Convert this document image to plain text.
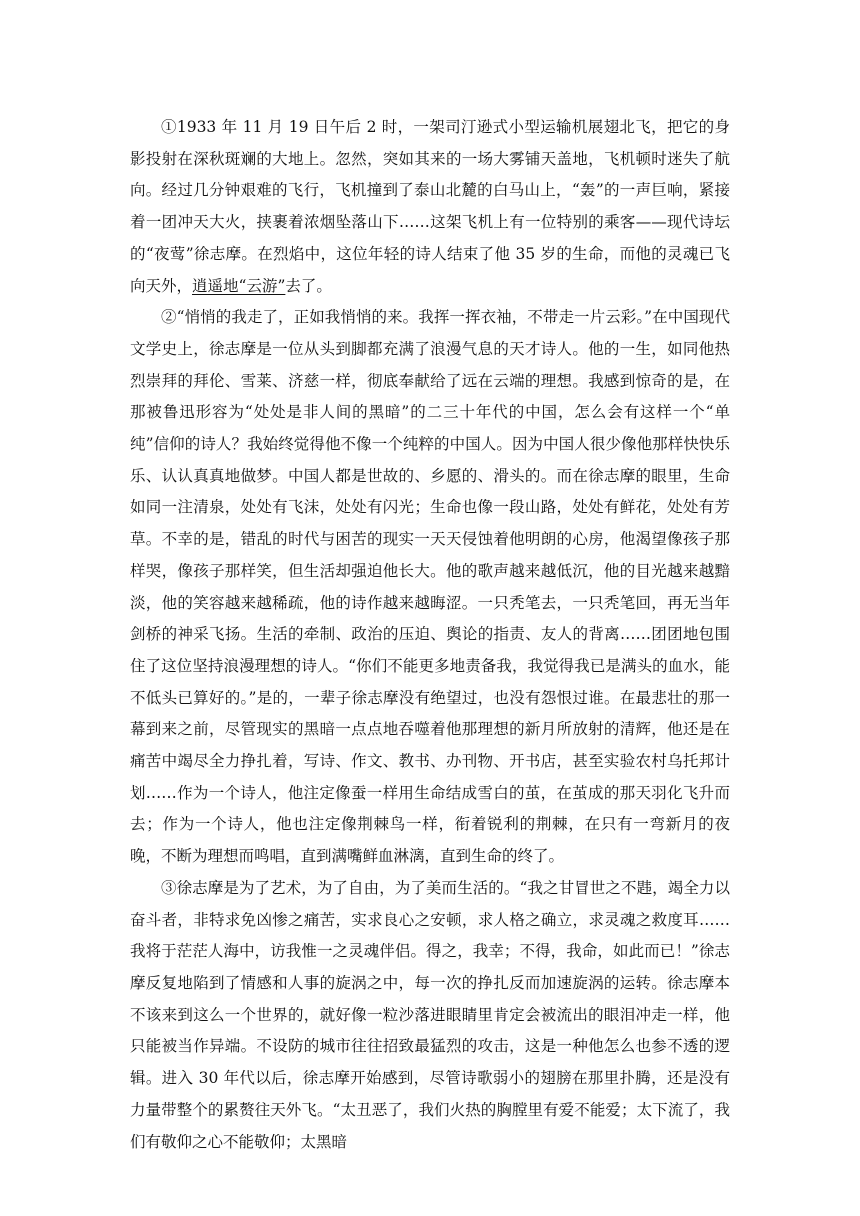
①1933 年 11 月 19 日午后 2 时，一架司汀逊式小型运输机展翅北飞，把它的身影投射在深秋斑斓的大地上。忽然，突如其来的一场大雾铺天盖地，飞机顿时迷失了航向。经过几分钟艰难的飞行，飞机撞到了泰山北麓的白马山上，“轰”的一声巨响，紧接着一团冲天大火，挟裹着浓烟坠落山下……这架飞机上有一位特别的乘客——现代诗坛的“夜莺”徐志摩。在烈焰中，这位年轻的诗人结束了他 35 岁的生命，而他的灵魂已飞向天外，逍遥地“云游”去了。

②“悄悄的我走了，正如我悄悄的来。我挥一挥衣袖，不带走一片云彩。”在中国现代文学史上，徐志摩是一位从头到脚都充满了浪漫气息的天才诗人。他的一生，如同他热烈崇拜的拜伦、雪莱、济慈一样，彻底奉献给了远在云端的理想。我感到惊奇的是，在那被鲁迅形容为“处处是非人间的黑暗”的二三十年代的中国，怎么会有这样一个“单纯”信仰的诗人？我始终觉得他不像一个纯粹的中国人。因为中国人很少像他那样快快乐乐、认认真真地做梦。中国人都是世故的、乡愿的、滑头的。而在徐志摩的眼里，生命如同一注清泉，处处有飞沫，处处有闪光；生命也像一段山路，处处有鲜花，处处有芳草。不幸的是，错乱的时代与困苦的现实一天天侵蚀着他明朗的心房，他渴望像孩子那样哭，像孩子那样笑，但生活却强迫他长大。他的歌声越来越低沉，他的目光越来越黯淡，他的笑容越来越稀疏，他的诗作越来越晦涩。一只秃笔去，一只秃笔回，再无当年剑桥的神采飞扬。生活的牵制、政治的压迫、舆论的指责、友人的背离……团团地包围住了这位坚持浪漫理想的诗人。“你们不能更多地责备我，我觉得我已是满头的血水，能不低头已算好的。”是的，一辈子徐志摩没有绝望过，也没有怨恨过谁。在最悲壮的那一幕到来之前，尽管现实的黑暗一点点地吞噬着他那理想的新月所放射的清辉，他还是在痛苦中竭尽全力挣扎着，写诗、作文、教书、办刊物、开书店，甚至实验农村乌托邦计划……作为一个诗人，他注定像蚕一样用生命结成雪白的茧，在茧成的那天羽化飞升而去；作为一个诗人，他也注定像荆棘鸟一样，衔着锐利的荆棘，在只有一弯新月的夜晚，不断为理想而鸣唱，直到满嘴鲜血淋漓，直到生命的终了。

③徐志摩是为了艺术，为了自由，为了美而生活的。“我之甘冒世之不韪，竭全力以奋斗者，非特求免凶惨之痛苦，实求良心之安顿，求人格之确立，求灵魂之救度耳……我将于茫茫人海中，访我惟一之灵魂伴侣。得之，我幸；不得，我命，如此而已！”徐志摩反复地陷到了情感和人事的旋涡之中，每一次的挣扎反而加速旋涡的运转。徐志摩本不该来到这么一个世界的，就好像一粒沙落进眼睛里肯定会被流出的眼泪冲走一样，他只能被当作异端。不设防的城市往往招致最猛烈的攻击，这是一种他怎么也参不透的逻辑。进入 30 年代以后，徐志摩开始感到，尽管诗歌弱小的翅膀在那里扑腾，还是没有力量带整个的累赘往天外飞。“太丑恶了，我们火热的胸膛里有爱不能爱；太下流了，我们有敬仰之心不能敬仰；太黑暗
